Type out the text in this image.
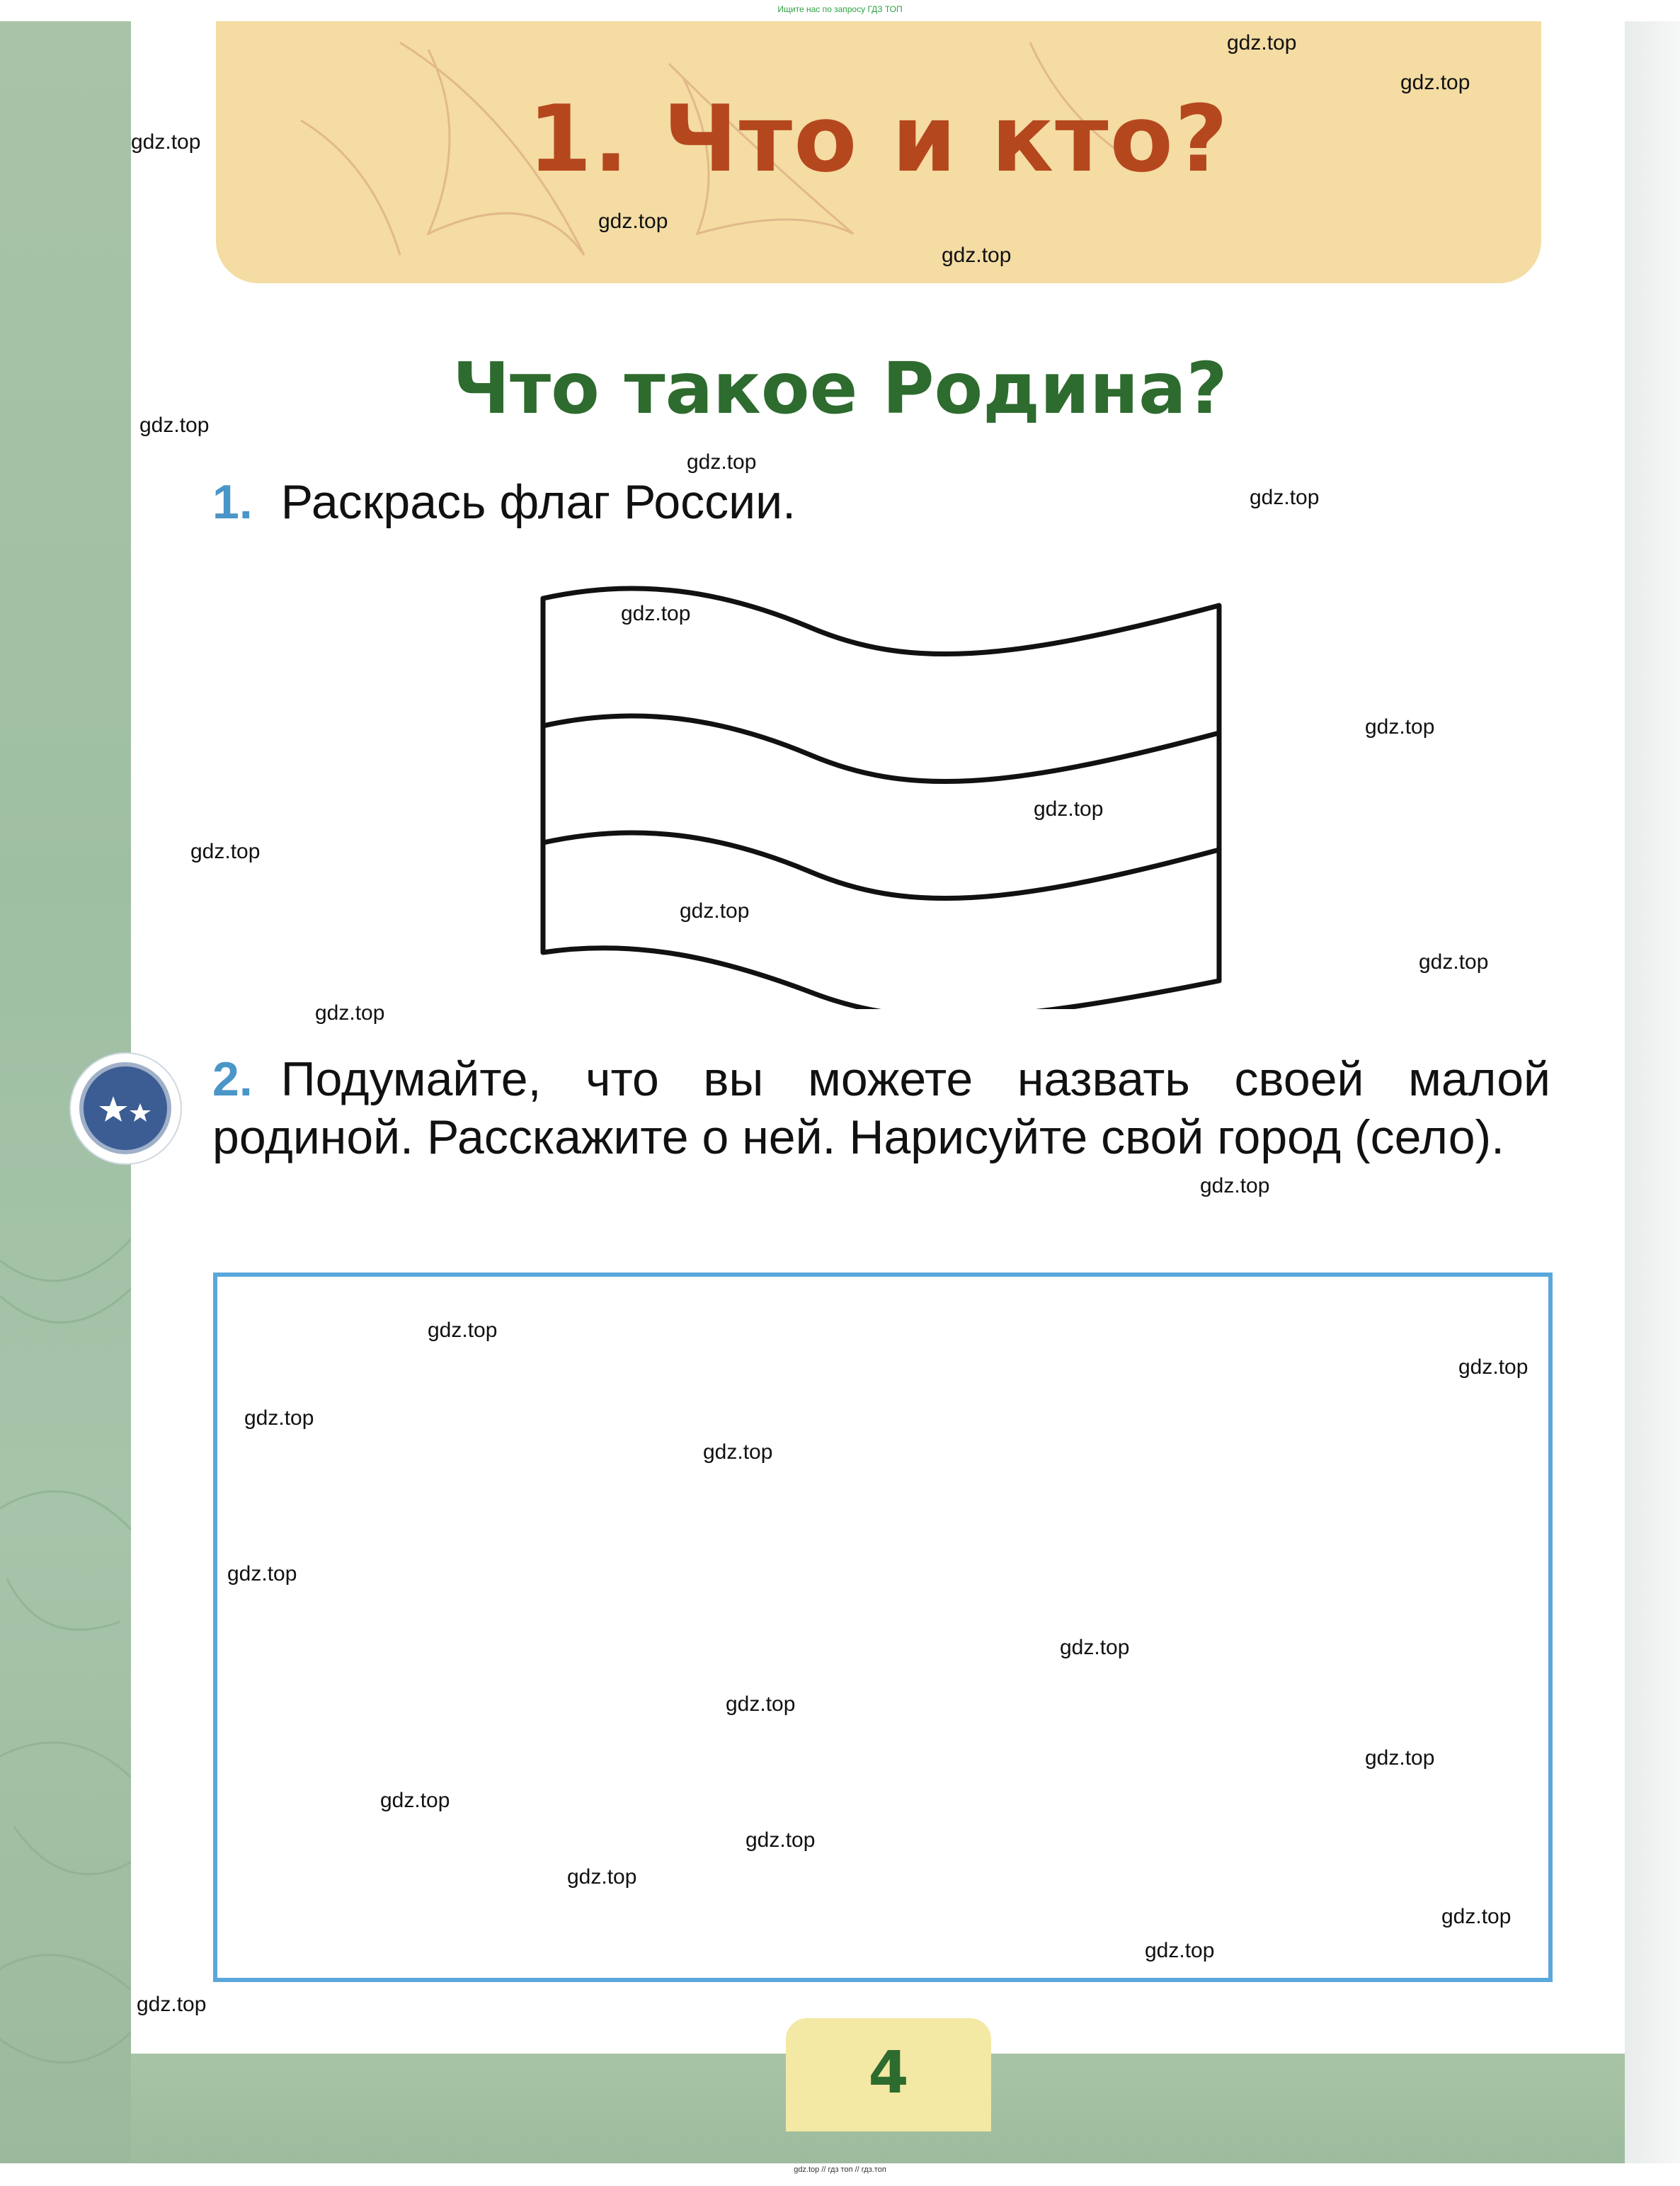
Ищите нас по запросу ГДЗ ТОП
1. Что и кто?
Что такое Родина?
1. Раскрась флаг России.
2. Подумайте, что вы можете назвать своей малой родиной. Расскажите о ней. Нарисуйте свой город (село).
4
gdz.top // гдз топ // гдз.топ
gdz.top
gdz.top
gdz.top
gdz.top
gdz.top
gdz.top
gdz.top
gdz.top
gdz.top
gdz.top
gdz.top
gdz.top
gdz.top
gdz.top
gdz.top
gdz.top
gdz.top
gdz.top
gdz.top
gdz.top
gdz.top
gdz.top
gdz.top
gdz.top
gdz.top
gdz.top
gdz.top
gdz.top
gdz.top
gdz.top
